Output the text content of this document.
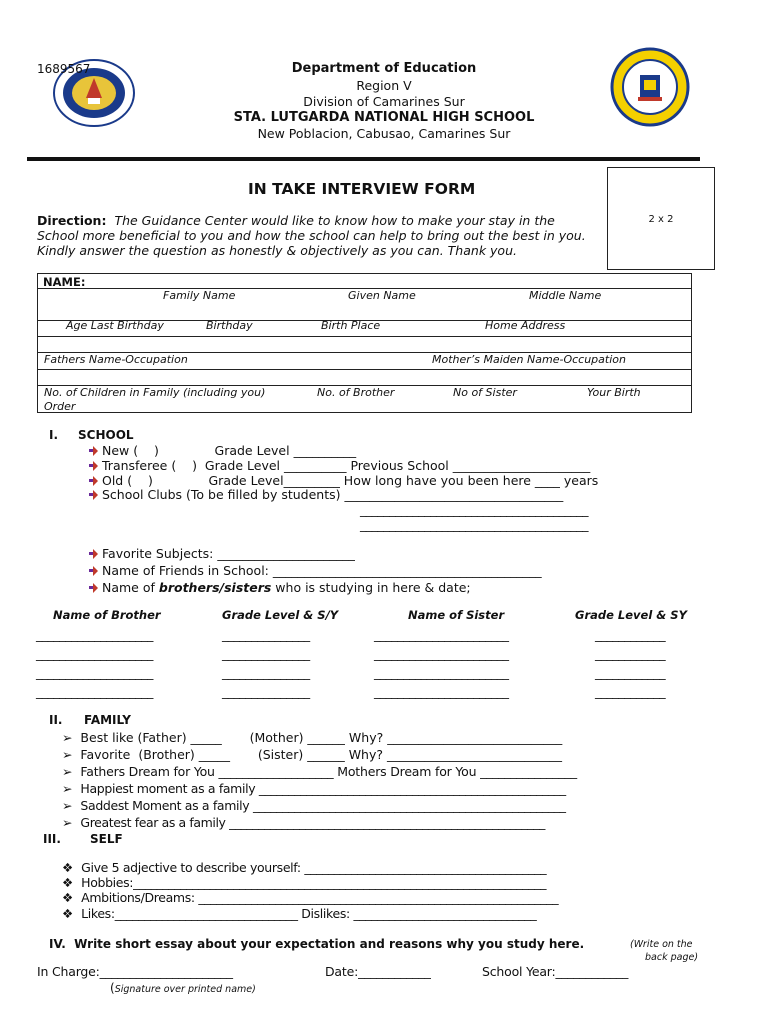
1689567	Department of Education
Region V
Division of Camarines Sur
STA. LUTGARDA NATIONAL HIGH SCHOOL
New Poblacion, Cabusao, Camarines Sur
IN TAKE INTERVIEW FORM
2 x 2
Direction: The Guidance Center would like to know how to make your stay in the
School more beneficial to you and how the school can help to bring out the best in you.
Kindly answer the question as honestly & objectively as you can. Thank you.
NAME:
Family Name	Given Name	Middle Name
Age Last Birthday	Birthday	Birth Place	Home Address
Fathers Name-Occupation	Mother’s Maiden Name-Occupation
No. of Children in Family (including you)	No. of Brother	No of Sister	Your Birth
Order
I. SCHOOL
New (    )              Grade Level __________
Transferee (    )  Grade Level __________ Previous School ______________________
Old (    )              Grade Level_________ How long have you been here ____ years
School Clubs (To be filled by students) ___________________________________
_______________________________________
_______________________________________
Favorite Subjects: ______________________
Name of Friends in School: ___________________________________________
Name of brothers/sisters who is studying in here & date;
Name of Brother	Grade Level & S/Y	Name of Sister	Grade Level & SY
____________________	_______________	_______________________	____________
____________________	_______________	_______________________	____________
____________________	_______________	_______________________	____________
____________________	_______________	_______________________	____________
II. FAMILY
➢  Best like (Father) _____       (Mother) ______ Why? ____________________________
➢  Favorite  (Brother) _____       (Sister) ______ Why? ____________________________
➢  Fathers Dream for You ___________________ Mothers Dream for You ________________
➢  Happiest moment as a family ____________________________________________________
➢  Saddest Moment as a family _____________________________________________________
➢  Greatest fear as a family ______________________________________________________
III. SELF
❖  Give 5 adjective to describe yourself: _________________________________________
❖  Hobbies:______________________________________________________________________
❖  Ambitions/Dreams: _____________________________________________________________
❖  Likes:_______________________________ Dislikes: _______________________________
IV.  Write short essay about your expectation and reasons why you study here.	(Write on the
back page)
In Charge:______________________	Date:____________	School Year:____________
(Signature over printed name)
